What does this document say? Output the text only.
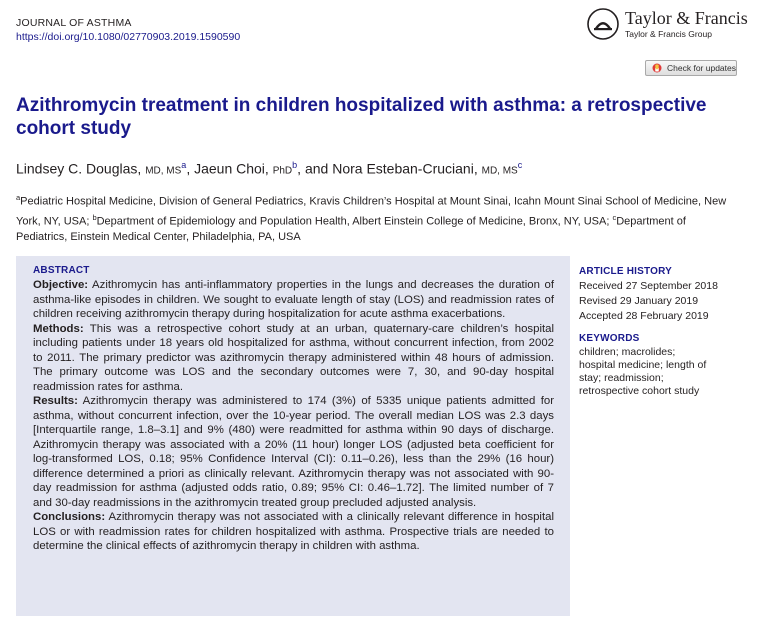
JOURNAL OF ASTHMA
https://doi.org/10.1080/02770903.2019.1590590
Taylor & Francis
Taylor & Francis Group
Check for updates
Azithromycin treatment in children hospitalized with asthma: a retrospective cohort study
Lindsey C. Douglas, MD, $MS^a$, Jaeun Choi, PhD$^b$, and Nora Esteban-Cruciani, MD, $MS^c$
$^a$Pediatric Hospital Medicine, Division of General Pediatrics, Kravis Children’s Hospital at Mount Sinai, Icahn Mount Sinai School of Medicine, New York, NY, USA; $^b$Department of Epidemiology and Population Health, Albert Einstein College of Medicine, Bronx, NY, USA; $^c$Department of Pediatrics, Einstein Medical Center, Philadelphia, PA, USA
ABSTRACT

Objective: Azithromycin has anti-inflammatory properties in the lungs and decreases the duration of asthma-like episodes in children. We sought to evaluate length of stay (LOS) and readmission rates of children receiving azithromycin therapy during hospitalization for acute asthma exacerbations.

Methods: This was a retrospective cohort study at an urban, quaternary-care children’s hospital including patients under 18 years old hospitalized for asthma, without concurrent infection, from 2002 to 2011. The primary predictor was azithromycin therapy administered within 48 hours of admission. The primary outcome was LOS and the secondary outcomes were 7, 30, and 90-day hospital readmission rates for asthma.

Results: Azithromycin therapy was administered to 174 (3%) of 5335 unique patients admitted for asthma, without concurrent infection, over the 10-year period. The overall median LOS was 2.3 days [Interquartile range, 1.8–3.1] and 9% (480) were readmitted for asthma within 90 days of discharge. Azithromycin therapy was associated with a 20% (11 hour) longer LOS (adjusted beta coefficient for log-transformed LOS, 0.18; 95% Confidence Interval (CI): 0.11–0.26), less than the 29% (16 hour) difference determined a priori as clinically relevant. Azithromycin therapy was not associated with 90-day readmission for asthma (adjusted odds ratio, 0.89; 95% CI: 0.46–1.72]. The limited number of 7 and 30-day readmissions in the azithromycin treated group precluded adjusted analysis.

Conclusions: Azithromycin therapy was not associated with a clinically relevant difference in hospital LOS or with readmission rates for children hospitalized with asthma. Prospective trials are needed to determine the clinical effects of azithromycin therapy in children with asthma.

ARTICLE HISTORY
Received 27 September 2018
Revised 29 January 2019
Accepted 28 February 2019
KEYWORDS
children; macrolides;
hospital medicine; length of
stay; readmission;
retrospective cohort study
